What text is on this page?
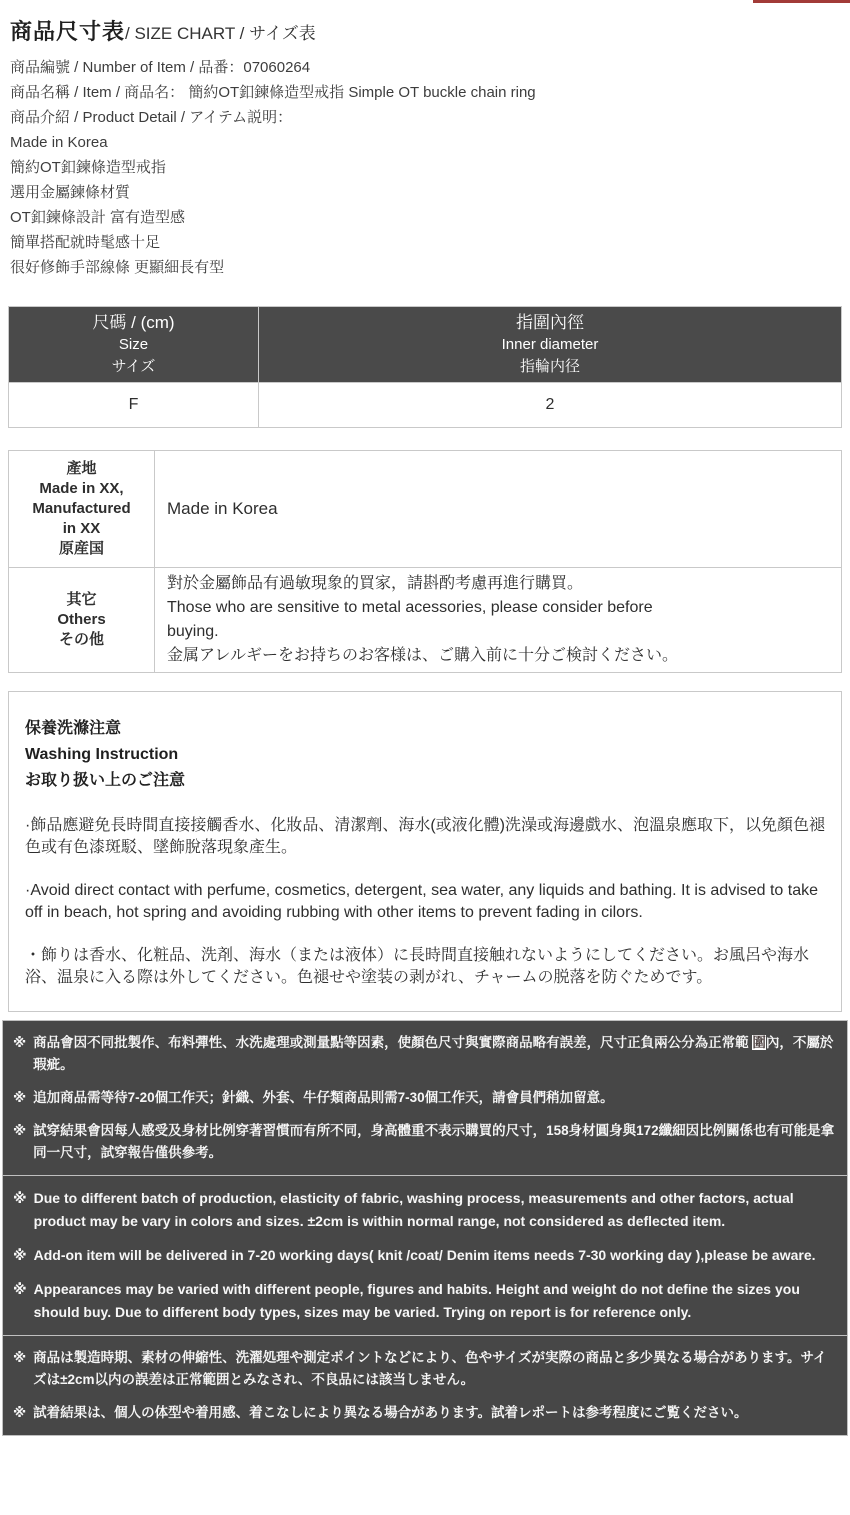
商品尺寸表/ SIZE CHART / サイズ表
商品編號 / Number of Item / 品番：07060264
商品名稱 / Item / 商品名： 簡約OT釦鍊條造型戒指 Simple OT buckle chain ring
商品介紹 / Product Detail / アイテム説明：
Made in Korea
簡約OT釦鍊條造型戒指
選用金屬鍊條材質
OT釦鍊條設計 富有造型感
簡單搭配就時髦感十足
很好修飾手部線條 更顯細長有型
尺碼 / (cm)
Size
サイズ

指圍內徑
Inner diameter
指輪内径

F	2
產地
Made in XX,
Manufactured
in XX
原産国	Made in Korea

其它
Others
その他

對於金屬飾品有過敏現象的買家，請斟酌考慮再進行購買。
Those who are sensitive to metal acessories, please consider before
buying.
金属アレルギーをお持ちのお客様は、ご購入前に十分ご検討ください。
保養洗滌注意
Washing Instruction
お取り扱い上のご注意
·飾品應避免長時間直接接觸香水、化妝品、清潔劑、海水(或液化體)洗澡或海邊戲水、泡溫泉應取下，以免顏色褪色或有色漆斑駁、墜飾脫落現象產生。
·Avoid direct contact with perfume, cosmetics, detergent, sea water, any liquids and bathing. It is advised to take off in beach, hot spring and avoiding rubbing with other items to prevent fading in cilors.
・飾りは香水、化粧品、洗剤、海水（または液体）に長時間直接触れないようにしてください。お風呂や海水浴、温泉に入る際は外してください。色褪せや塗装の剥がれ、チャームの脱落を防ぐためです。
※ 商品會因不同批製作、布料彈性、水洗處理或測量點等因素，使顏色尺寸與實際商品略有誤差，尺寸正負兩公分為正常範 圍內，不屬於瑕疵。
※ 追加商品需等待7-20個工作天；針織、外套、牛仔類商品則需7-30個工作天，請會員們稍加留意。
※ 試穿結果會因每人感受及身材比例穿著習慣而有所不同，身高體重不表示購買的尺寸，158身材圓身與172纖細因比例關係也有可能是拿同一尺寸，試穿報告僅供參考。
※ Due to different batch of production, elasticity of fabric, washing process, measurements and other factors, actual product may be vary in colors and sizes. ±2cm is within normal range, not considered as deflected item.
※ Add-on item will be delivered in 7-20 working days( knit /coat/ Denim items needs 7-30 working day ),please be aware.
※ Appearances may be varied with different people, figures and habits. Height and weight do not define the sizes you should buy. Due to different body types, sizes may be varied. Trying on report is for reference only.
※ 商品は製造時期、素材の伸縮性、洗濯処理や測定ポイントなどにより、色やサイズが実際の商品と多少異なる場合があります。サイズは±2cm以内の誤差は正常範囲とみなされ、不良品には該当しません。
※ 試着結果は、個人の体型や着用感、着こなしにより異なる場合があります。試着レポートは参考程度にご覧ください。
